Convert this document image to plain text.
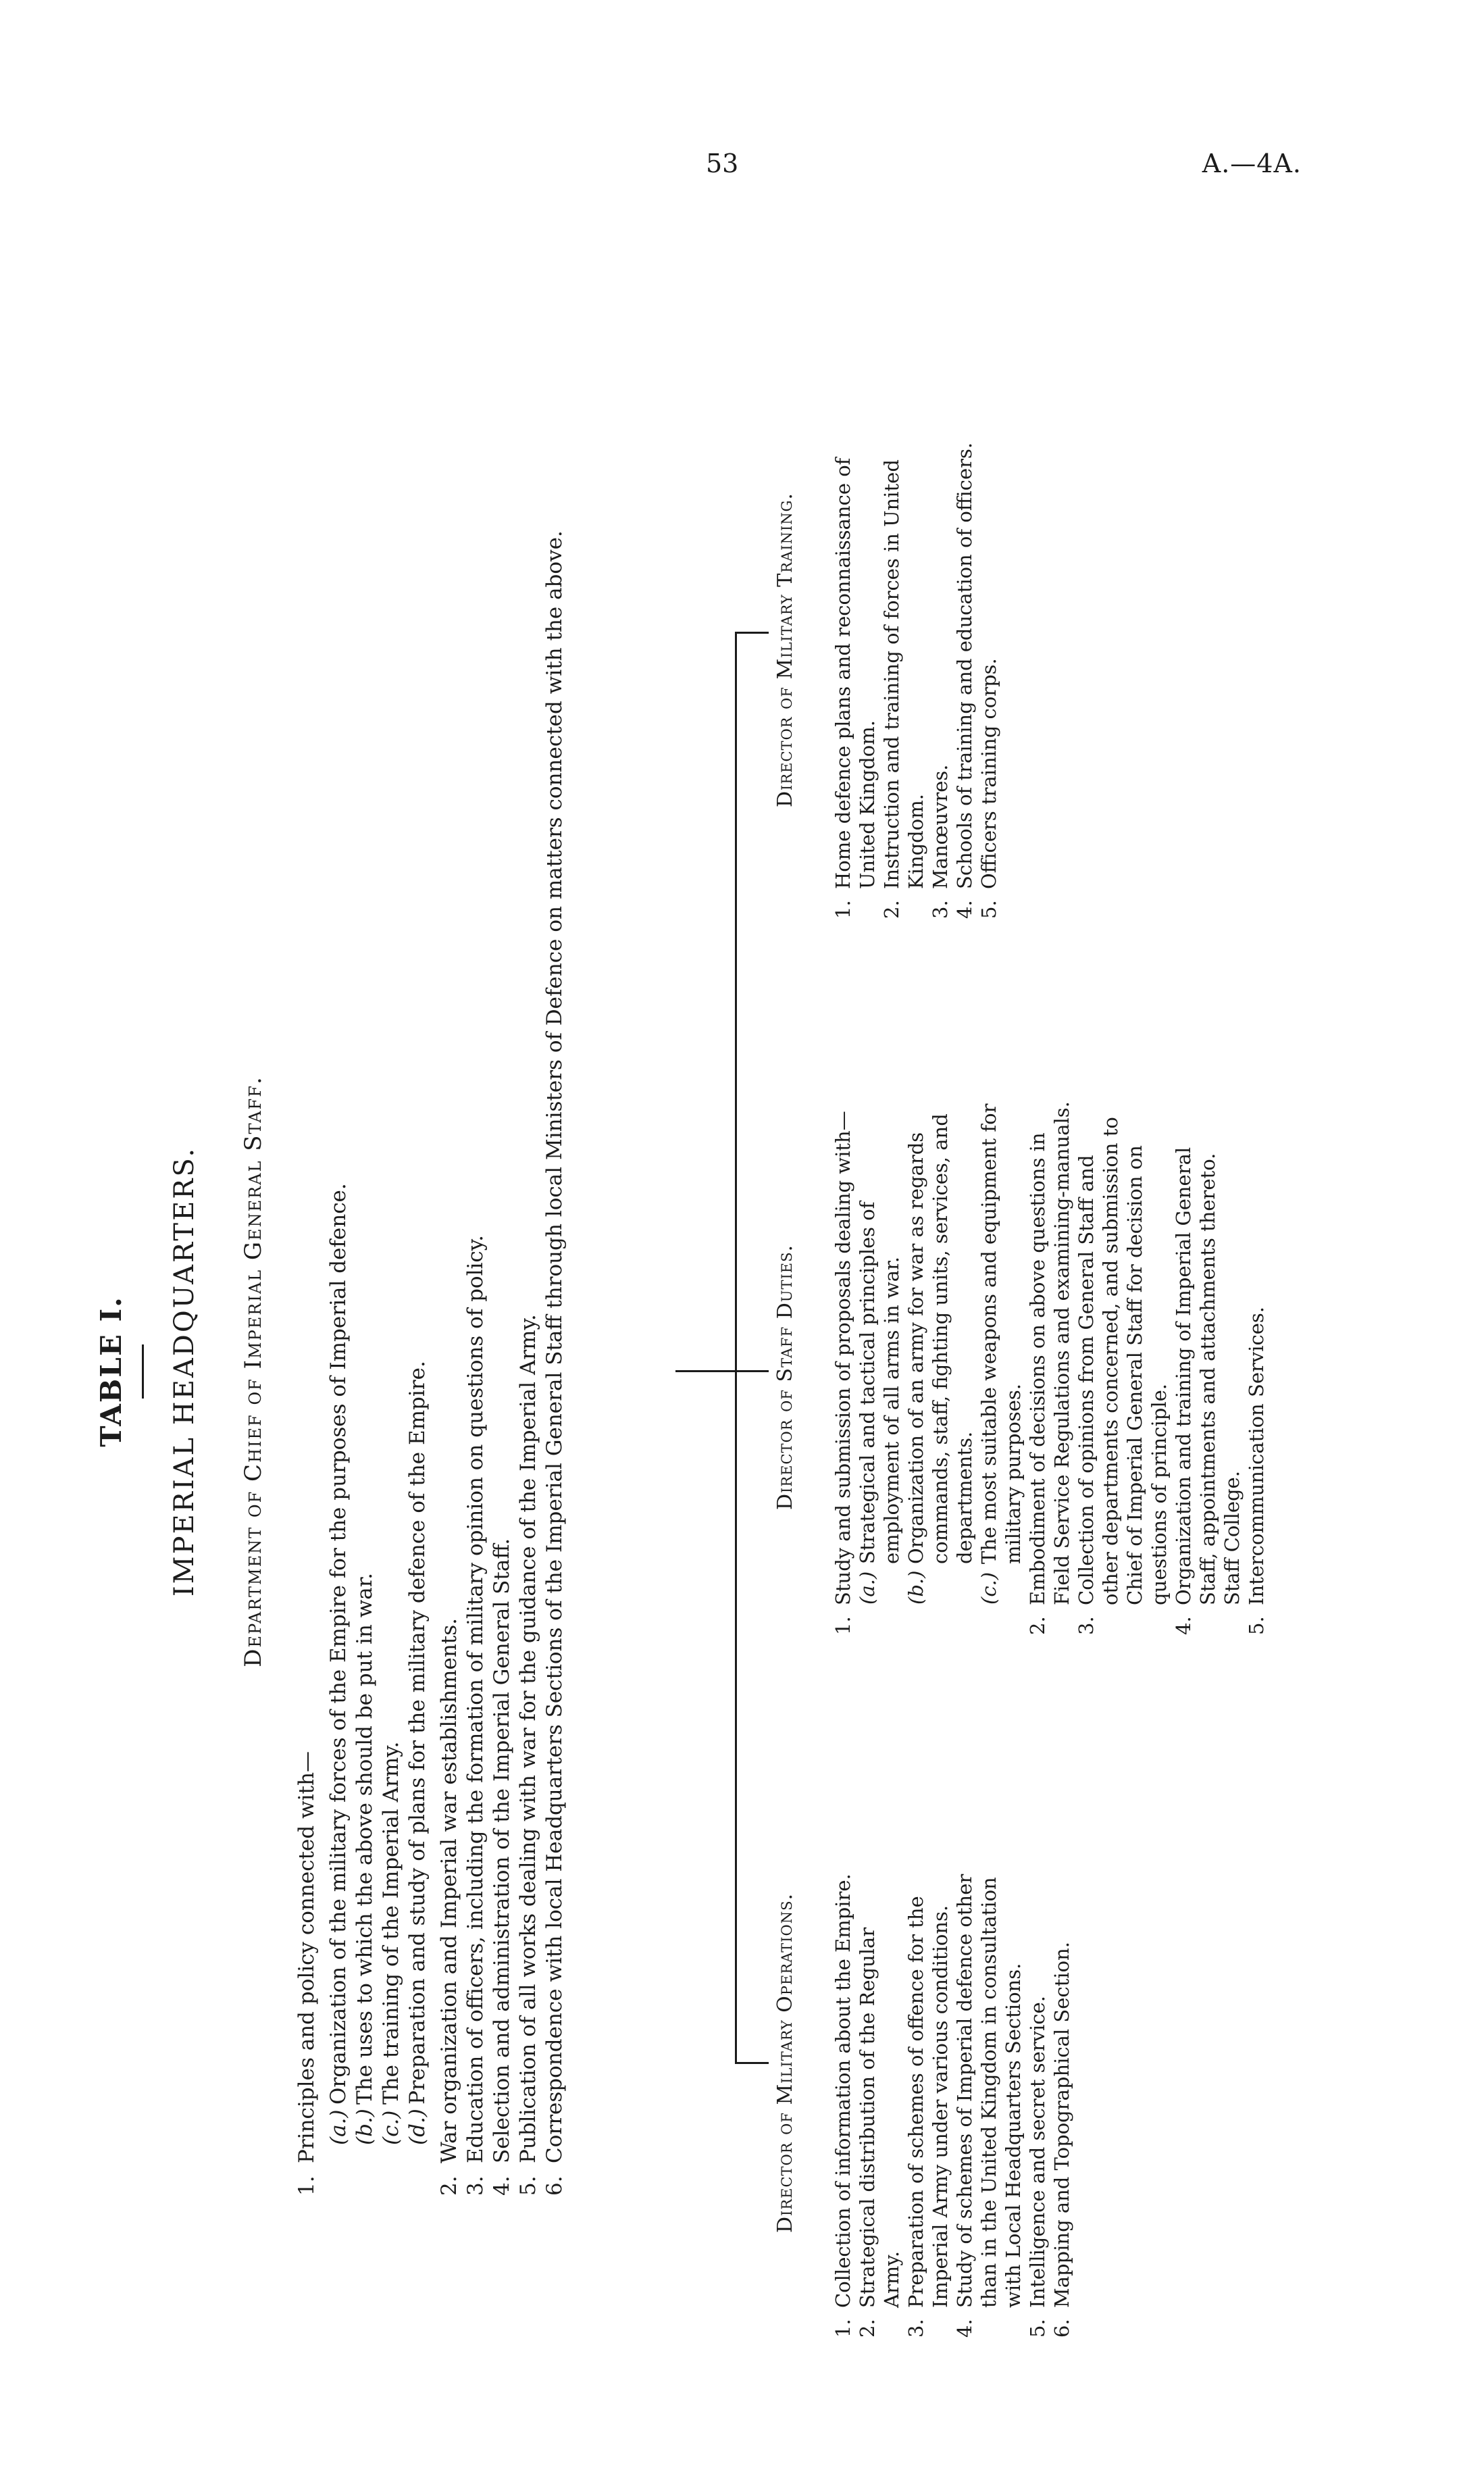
53	A.—4A.
TABLE I. IMPERIAL HEADQUARTERS. Department of Chief of Imperial General Staff.
1.
Principles and policy connected with— (a.)
Organization of the military forces of the Empire for the purposes of Imperial defence.
(b.)
The uses to which the above should be put in war.
(c.)
The training of the Imperial Army.
(d.)
Preparation and study of plans for the military defence of the Empire.
2.
War organization and Imperial war establishments.
3.
Education of officers, including the formation of military opinion on questions of policy.
4.
Selection and administration of the Imperial General Staff.
5.
Publication of all works dealing with war for the guidance of the Imperial Army.
6.
Correspondence with local Headquarters Sections of the Imperial General Staff through local Ministers of Defence on matters connected with the above.	Director of Military Operations.
Director of Staff Duties.
Director of Military Training.
1.
Collection of information about the Empire.
2.
Strategical distribution of the Regular Army.
3.
Preparation of schemes of offence for the Imperial Army under various conditions.
4.
Study of schemes of Imperial defence other than in the United Kingdom in consultation with Local Headquarters Sections.
5.
Intelligence and secret service.
6.
Mapping and Topographical Section.
1.
Study and submission of proposals dealing with— (a.)
Strategical and tactical principles of employment of all arms in war.
(b.)
Organization of an army for war as regards commands, staff, fighting units, services, and departments.
(c.)
The most suitable weapons and equipment for military purposes.
2.
Embodiment of decisions on above questions in Field Service Regulations and examining-manuals.
3.
Collection of opinions from General Staff and other departments concerned, and submission to Chief of Imperial General Staff for decision on questions of principle.
4.
Organization and training of Imperial General Staff, appointments and attachments thereto. Staff College.
5.
Intercommunication Services.
1.
Home defence plans and reconnaissance of United Kingdom.
2.
Instruction and training of forces in United Kingdom.
3.
Manœuvres.
4.
Schools of training and education of officers.
5.
Officers training corps.
